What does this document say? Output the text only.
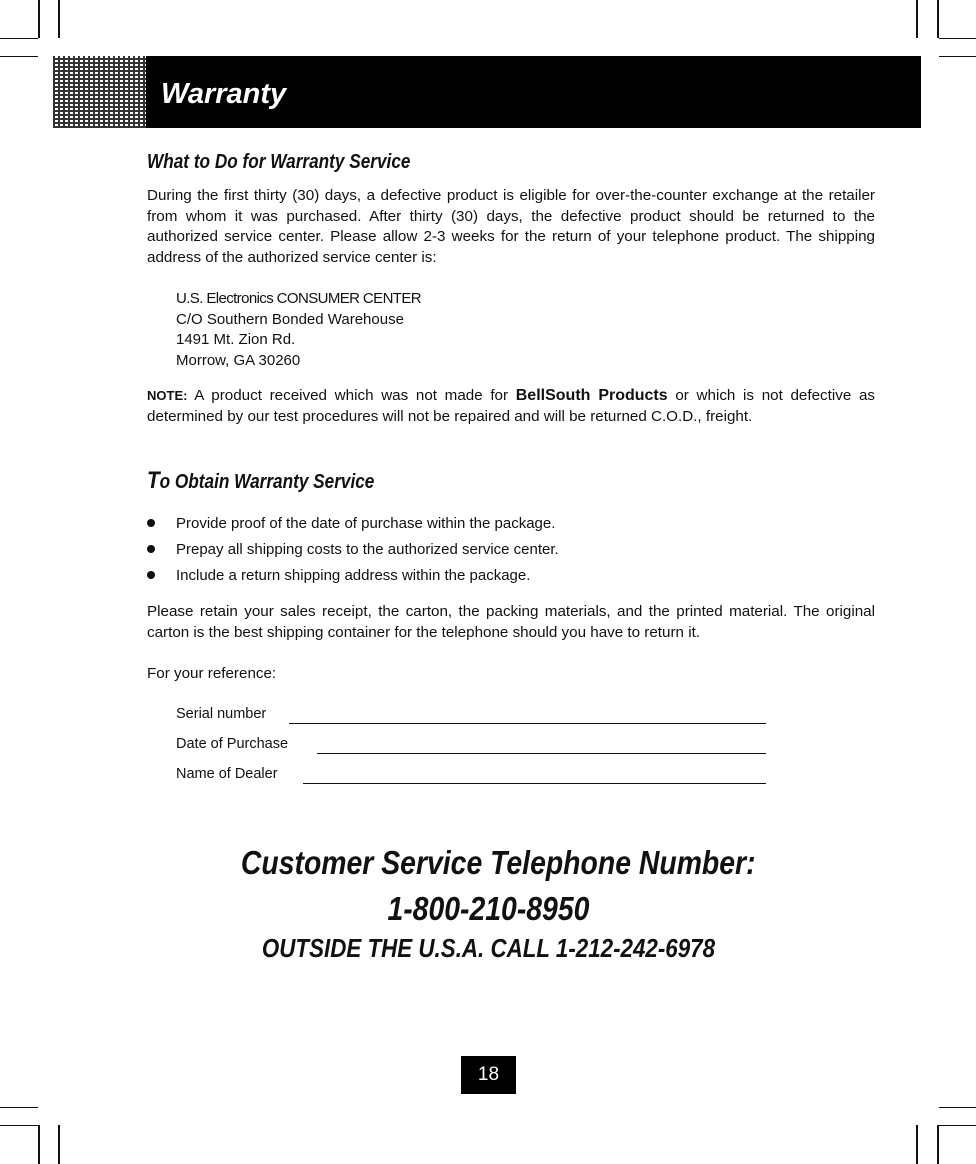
Warranty
What to Do for Warranty Service

During the first thirty (30) days, a defective product is eligible for over-the-counter exchange at the retailer from whom it was purchased. After thirty (30) days, the defective product should be returned to the authorized service center. Please allow 2-3 weeks for the return of your telephone product. The shipping address of the authorized service center is:

U.S. Electronics CONSUMER CENTER
C/O Southern Bonded Warehouse
1491 Mt. Zion Rd.
Morrow, GA 30260

NOTE: A product received which was not made for BellSouth Products or which is not defective as determined by our test procedures will not be repaired and will be returned C.O.D., freight.

To Obtain Warranty Service
Provide proof of the date of purchase within the package.
Prepay all shipping costs to the authorized service center.
Include a return shipping address within the package.

Please retain your sales receipt, the carton, the packing materials, and the printed material. The original carton is the best shipping container for the telephone should you have to return it.

For your reference:

Serial number
Date of Purchase
Name of Dealer
Customer Service Telephone Number:
1-800-210-8950
OUTSIDE THE U.S.A. CALL 1-212-242-6978
18
